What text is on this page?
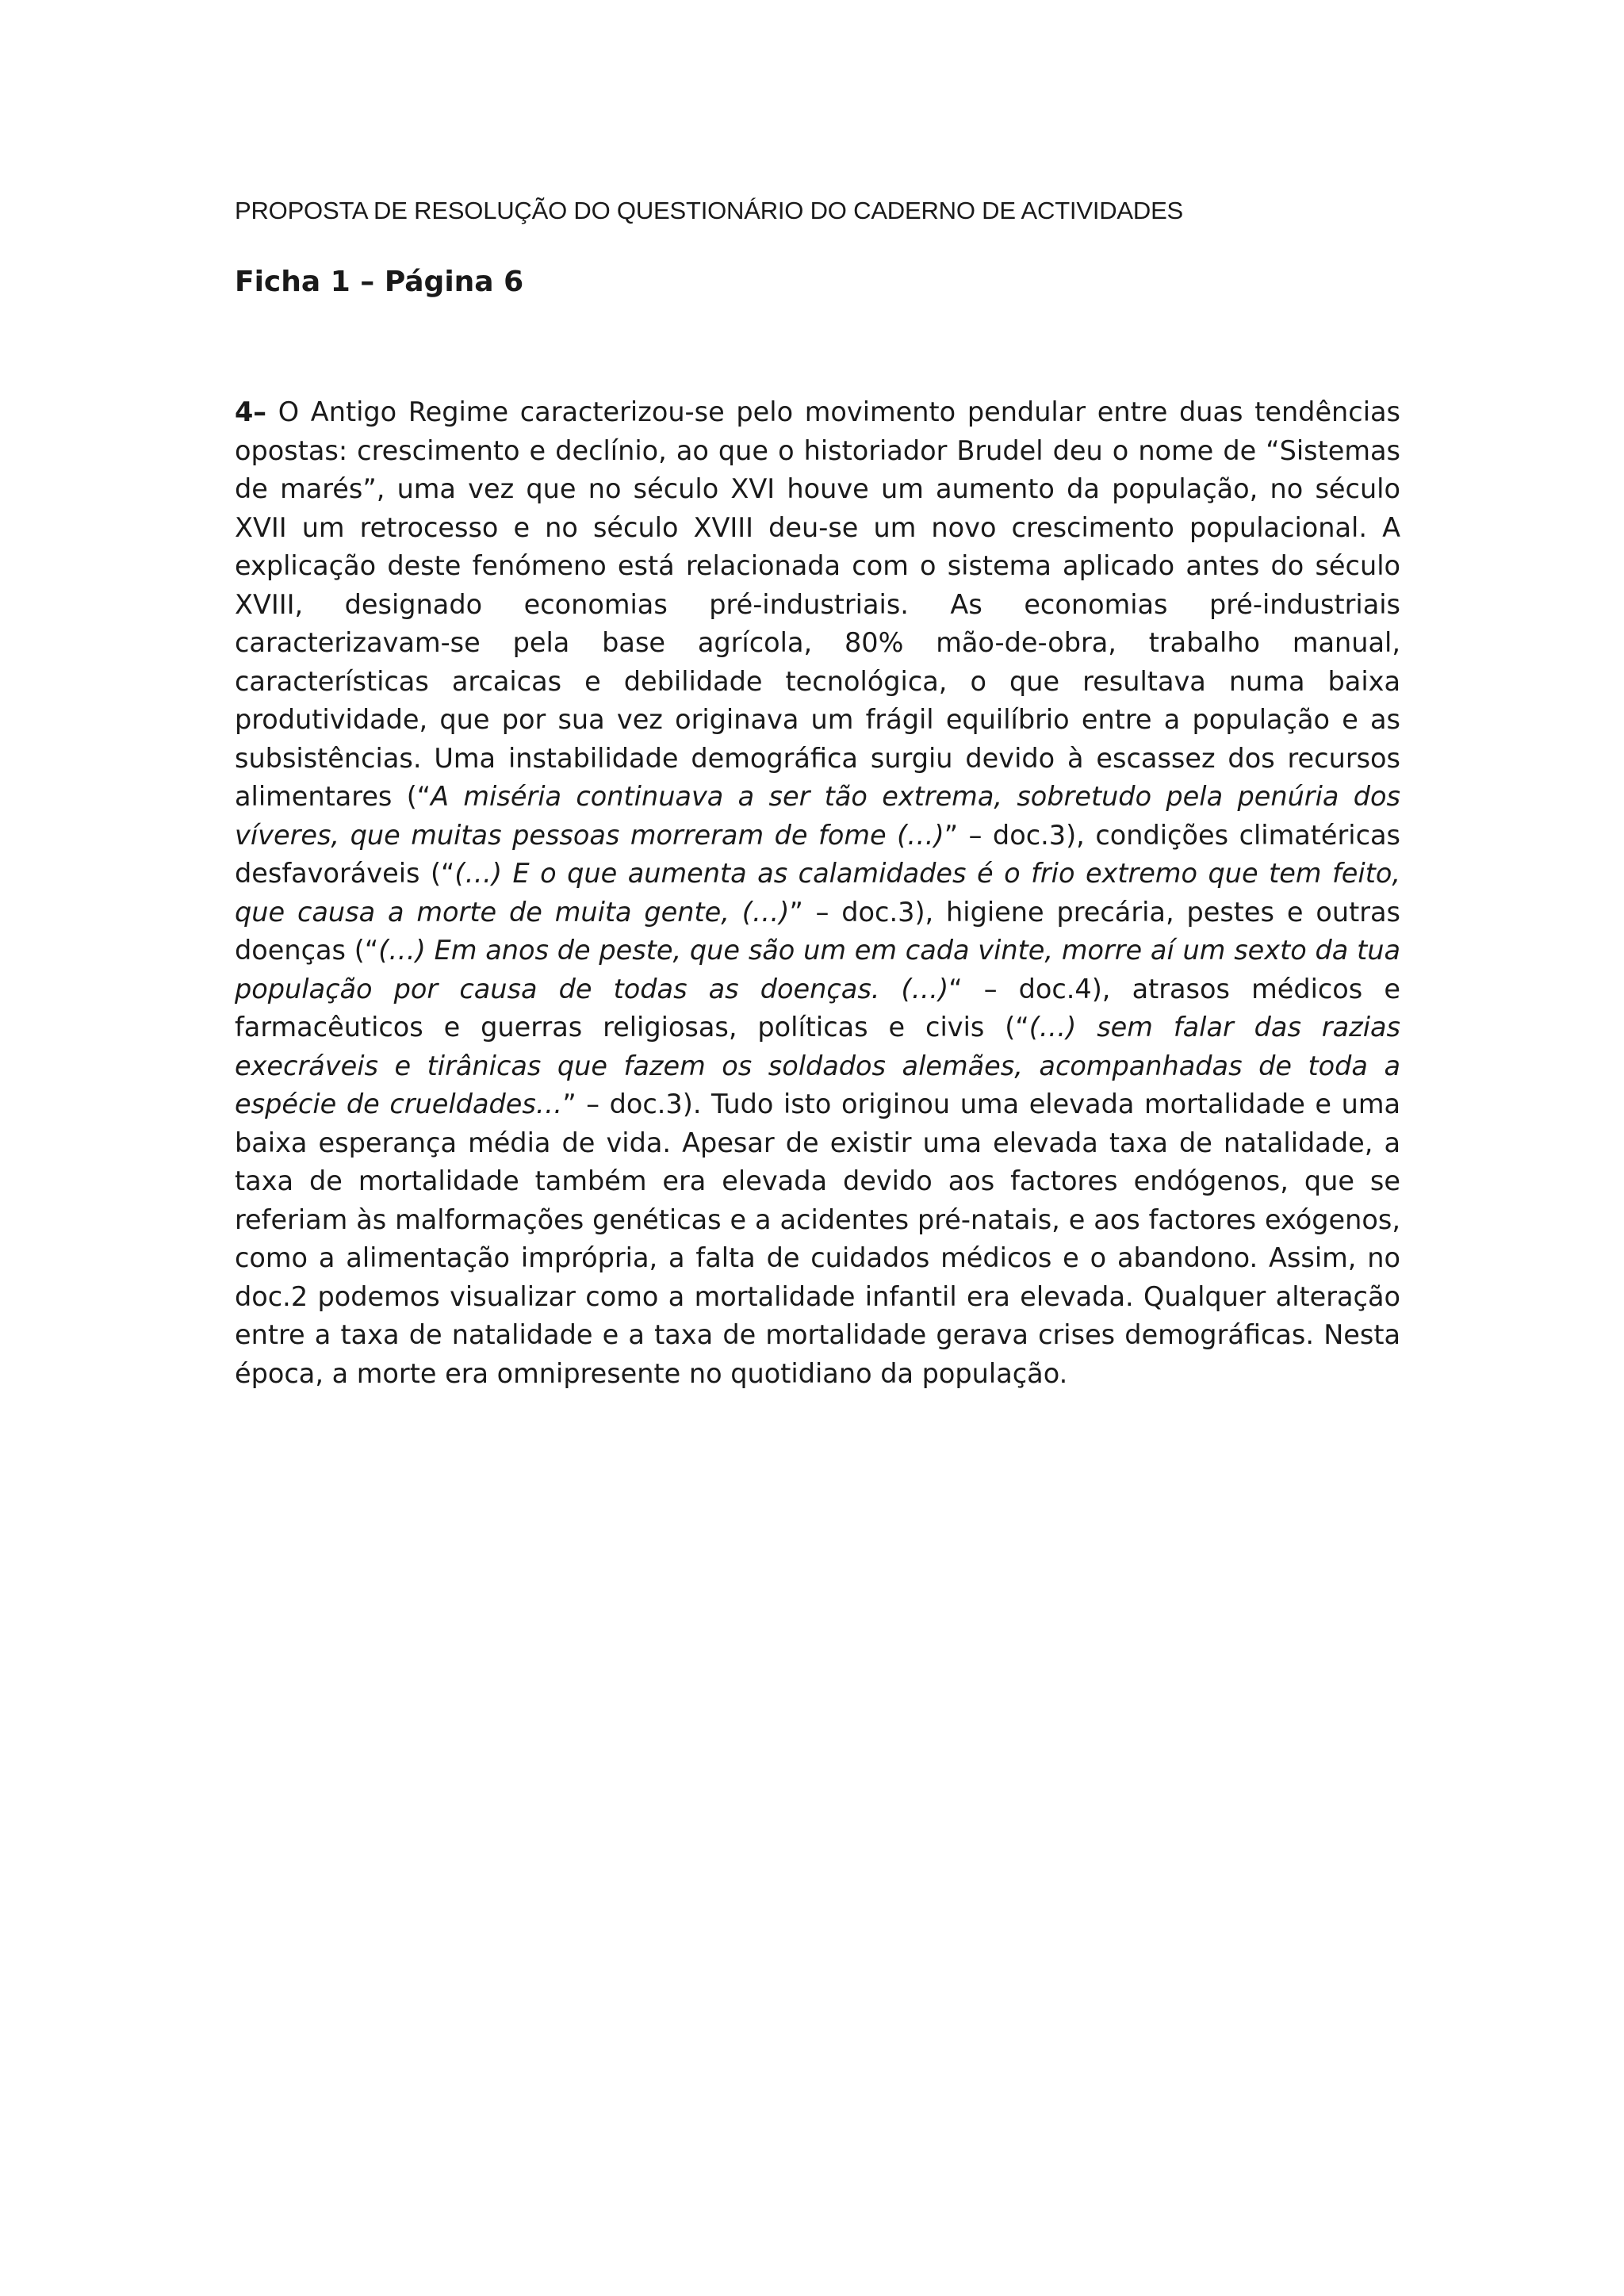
PROPOSTA DE RESOLUÇÃO DO QUESTIONÁRIO DO CADERNO DE ACTIVIDADES
Ficha 1 – Página 6

4– O Antigo Regime caracterizou-se pelo movimento pendular entre duas tendências opostas: crescimento e declínio, ao que o historiador Brudel deu o nome de “Sistemas de marés”, uma vez que no século XVI houve um aumento da população, no século XVII um retrocesso e no século XVIII deu-se um novo crescimento populacional. A explicação deste fenómeno está relacionada com o sistema aplicado antes do século XVIII, designado economias pré-industriais. As economias pré-industriais caracterizavam-se pela base agrícola, 80% mão-de-obra, trabalho manual, características arcaicas e debilidade tecnológica, o que resultava numa baixa produtividade, que por sua vez originava um frágil equilíbrio entre a população e as subsistências. Uma instabilidade demográfica surgiu devido à escassez dos recursos alimentares (“A miséria continuava a ser tão extrema, sobretudo pela penúria dos víveres, que muitas pessoas morreram de fome (…)” – doc.3), condições climatéricas desfavoráveis (“(…) E o que aumenta as calamidades é o frio extremo que tem feito, que causa a morte de muita gente, (…)” – doc.3), higiene precária, pestes e outras doenças (“(…) Em anos de peste, que são um em cada vinte, morre aí um sexto da tua população por causa de todas as doenças. (…)“ – doc.4), atrasos médicos e farmacêuticos e guerras religiosas, políticas e civis (“(…) sem falar das razias execráveis e tirânicas que fazem os soldados alemães, acompanhadas de toda a espécie de crueldades…” – doc.3). Tudo isto originou uma elevada mortalidade e uma baixa esperança média de vida. Apesar de existir uma elevada taxa de natalidade, a taxa de mortalidade também era elevada devido aos factores endógenos, que se referiam às malformações genéticas e a acidentes pré-natais, e aos factores exógenos, como a alimentação imprópria, a falta de cuidados médicos e o abandono. Assim, no doc.2 podemos visualizar como a mortalidade infantil era elevada. Qualquer alteração entre a taxa de natalidade e a taxa de mortalidade gerava crises demográficas. Nesta época, a morte era omnipresente no quotidiano da população.
